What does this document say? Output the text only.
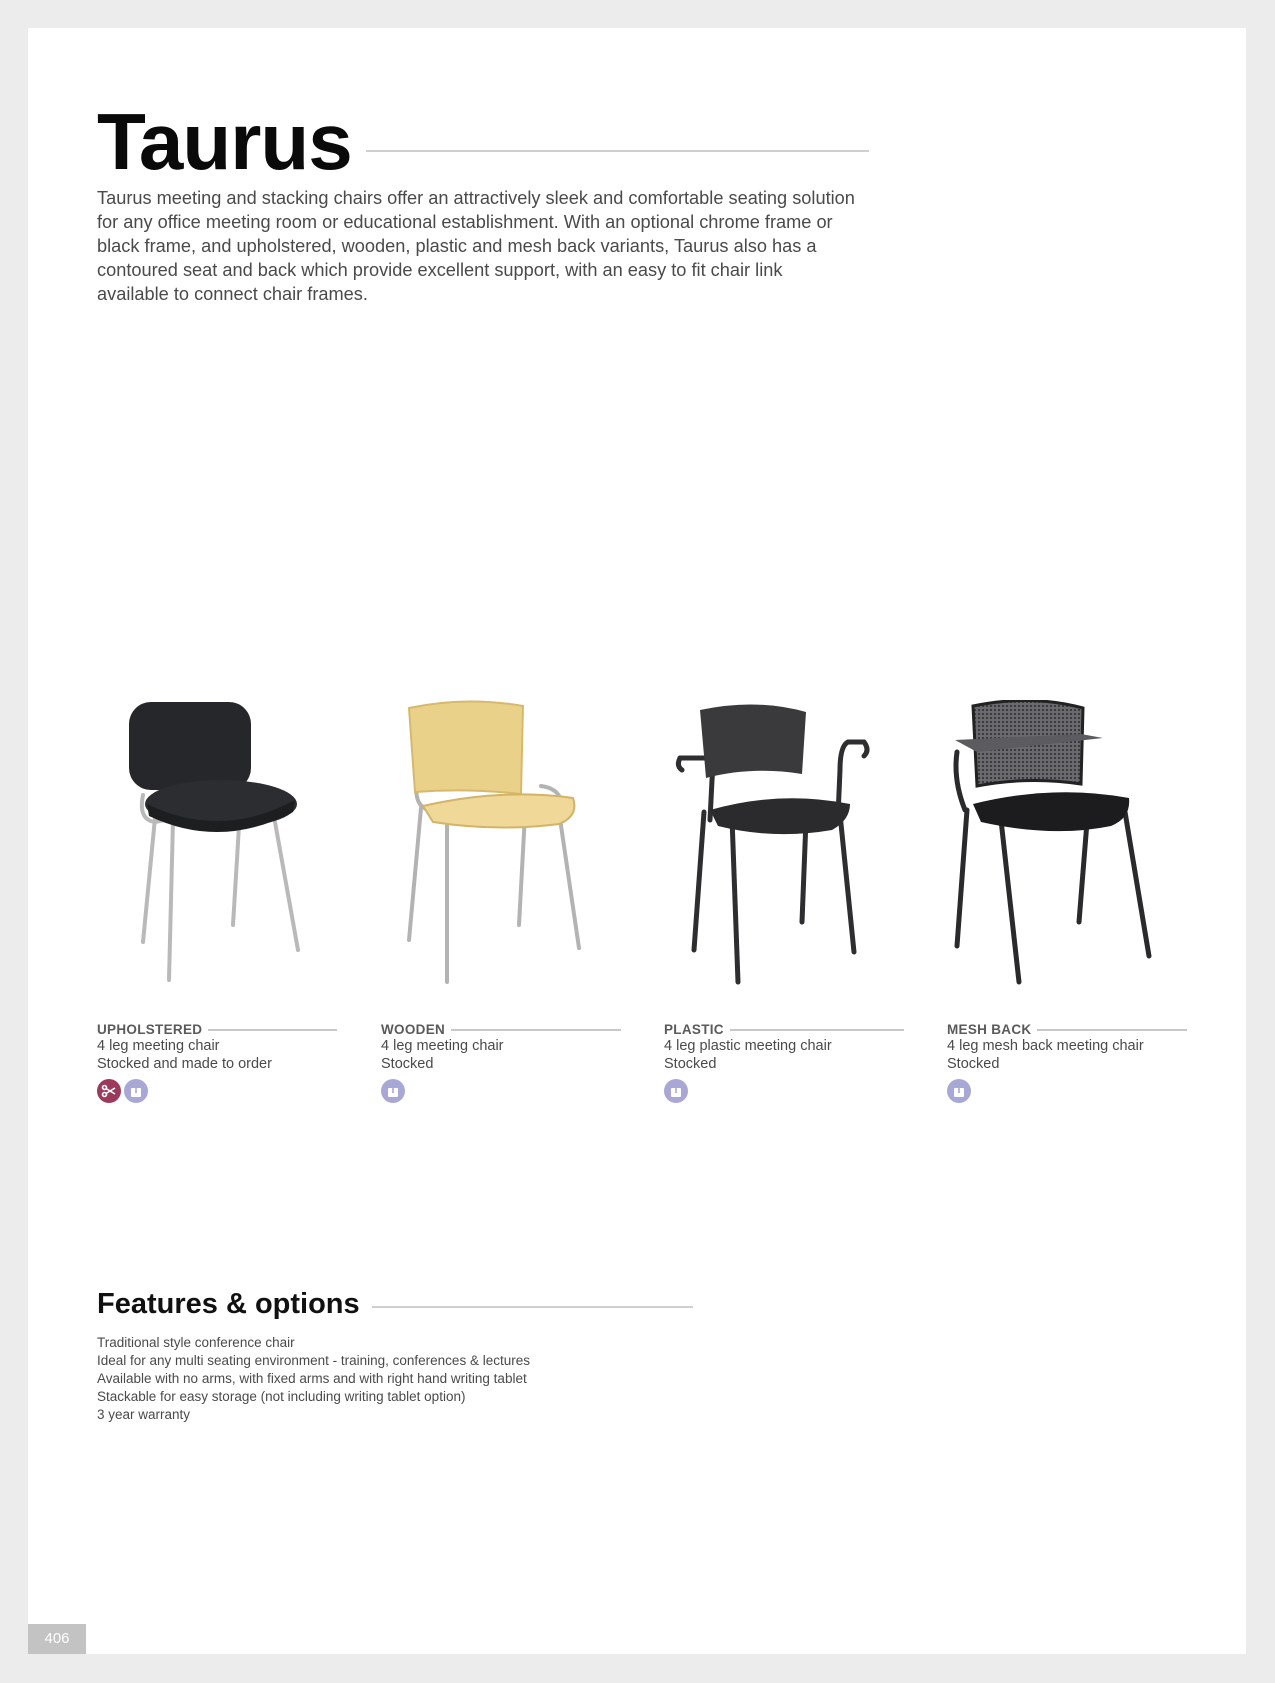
Taurus

Taurus meeting and stacking chairs offer an attractively sleek and comfortable seating solution for any office meeting room or educational establishment. With an optional chrome frame or black frame, and upholstered, wooden, plastic and mesh back variants, Taurus also has a contoured seat and back which provide excellent support, with an easy to fit chair link available to connect chair frames.

UPHOLSTERED
4 leg meeting chair
Stocked and made to order
WOODEN
4 leg meeting chair
Stocked
PLASTIC
4 leg plastic meeting chair
Stocked
MESH BACK
4 leg mesh back meeting chair
Stocked
Features & options
Traditional style conference chair
Ideal for any multi seating environment - training, conferences & lectures
Available with no arms, with fixed arms and with right hand writing tablet
Stackable for easy storage (not including writing tablet option)
3 year warranty
406
